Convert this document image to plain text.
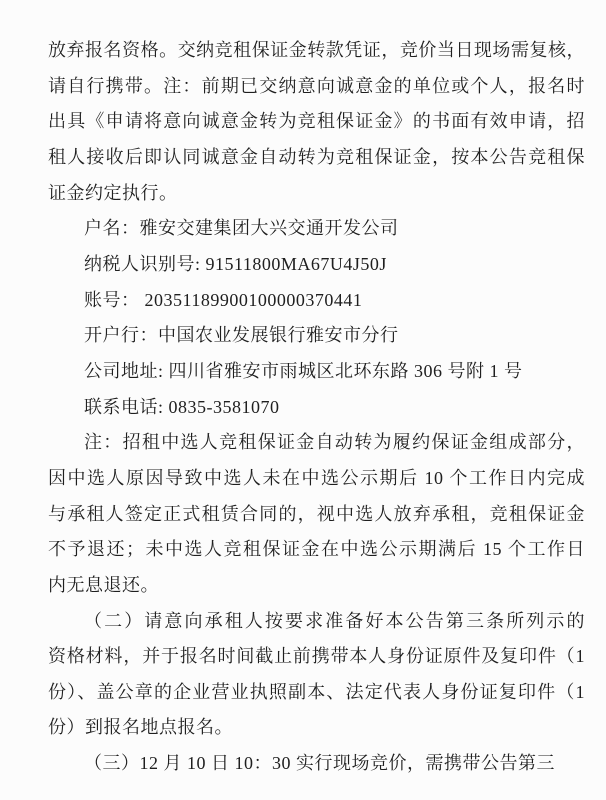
放弃报名资格。交纳竞租保证金转款凭证，竞价当日现场需复核，
请自行携带。注：前期已交纳意向诚意金的单位或个人，报名时
出具《申请将意向诚意金转为竞租保证金》的书面有效申请，招
租人接收后即认同诚意金自动转为竞租保证金，按本公告竞租保
证金约定执行。
户名：雅安交建集团大兴交通开发公司
纳税人识别号: 91511800MA67U4J50J
账号： 20351189900100000370441
开户行：中国农业发展银行雅安市分行
公司地址: 四川省雅安市雨城区北环东路 306 号附 1 号
联系电话: 0835-3581070
注：招租中选人竞租保证金自动转为履约保证金组成部分，
因中选人原因导致中选人未在中选公示期后 10 个工作日内完成
与承租人签定正式租赁合同的，视中选人放弃承租，竞租保证金
不予退还；未中选人竞租保证金在中选公示期满后 15 个工作日
内无息退还。
（二）请意向承租人按要求准备好本公告第三条所列示的
资格材料，并于报名时间截止前携带本人身份证原件及复印件（1
份）、盖公章的企业营业执照副本、法定代表人身份证复印件（1
份）到报名地点报名。
（三）12 月 10 日 10：30 实行现场竞价，需携带公告第三
